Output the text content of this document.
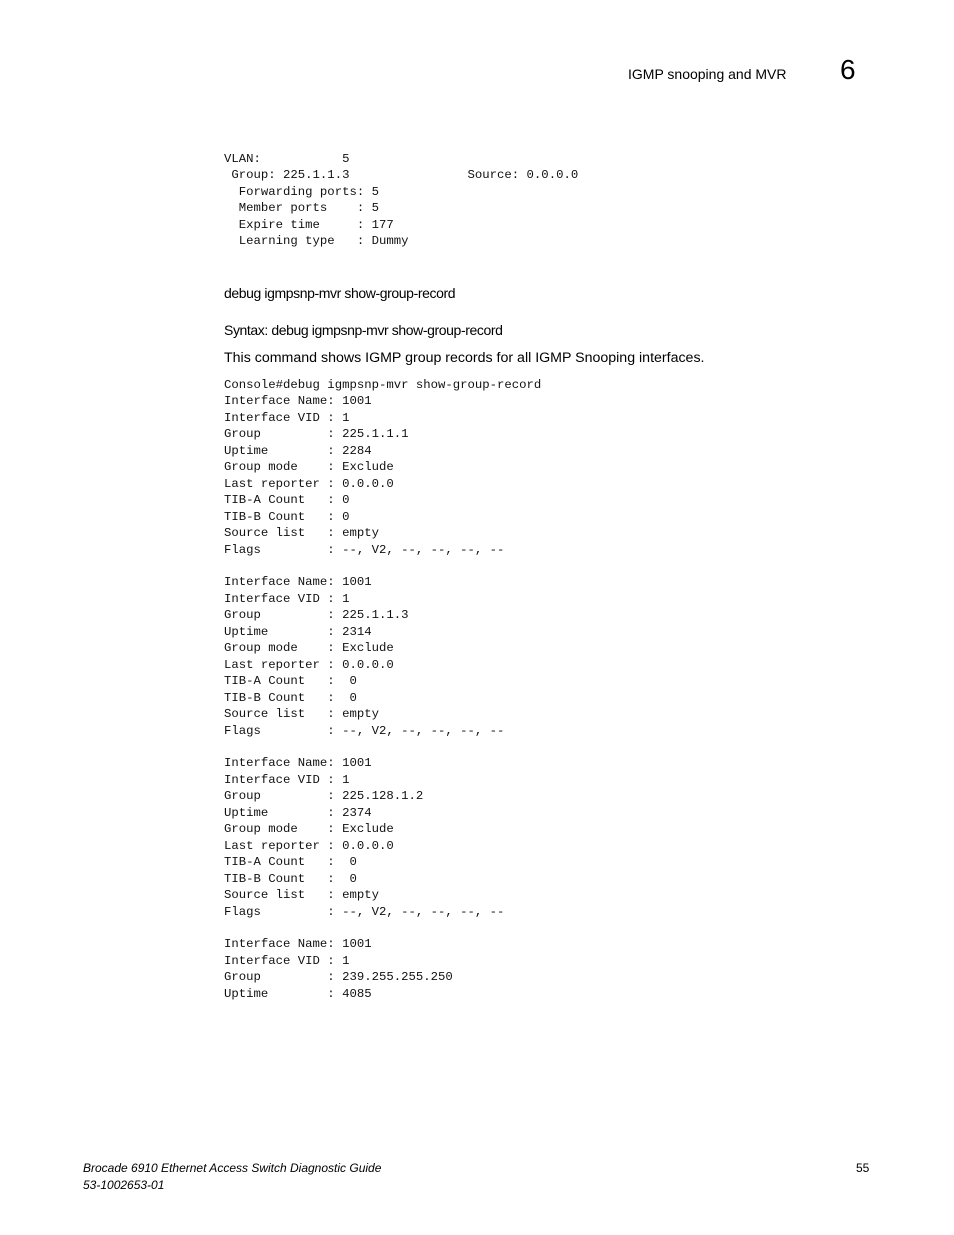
IGMP snooping and MVR 6
VLAN:           5
Group: 225.1.1.3                Source: 0.0.0.0
Forwarding ports: 5
Member ports    : 5
Expire time     : 177
Learning type   : Dummy
debug igmpsnp-mvr show-group-record
Syntax: debug igmpsnp-mvr show-group-record
This command shows IGMP group records for all IGMP Snooping interfaces.
Console#debug igmpsnp-mvr show-group-record
Interface Name: 1001
Interface VID : 1
Group         : 225.1.1.1
Uptime        : 2284
Group mode    : Exclude
Last reporter : 0.0.0.0
TIB-A Count   : 0
TIB-B Count   : 0
Source list   : empty
Flags         : --, V2, --, --, --, --

Interface Name: 1001
Interface VID : 1
Group         : 225.1.1.3
Uptime        : 2314
Group mode    : Exclude
Last reporter : 0.0.0.0
TIB-A Count   :  0
TIB-B Count   :  0
Source list   : empty
Flags         : --, V2, --, --, --, --

Interface Name: 1001
Interface VID : 1
Group         : 225.128.1.2
Uptime        : 2374
Group mode    : Exclude
Last reporter : 0.0.0.0
TIB-A Count   :  0
TIB-B Count   :  0
Source list   : empty
Flags         : --, V2, --, --, --, --

Interface Name: 1001
Interface VID : 1
Group         : 239.255.255.250
Uptime        : 4085
Brocade 6910 Ethernet Access Switch Diagnostic Guide
53-1002653-01
55
